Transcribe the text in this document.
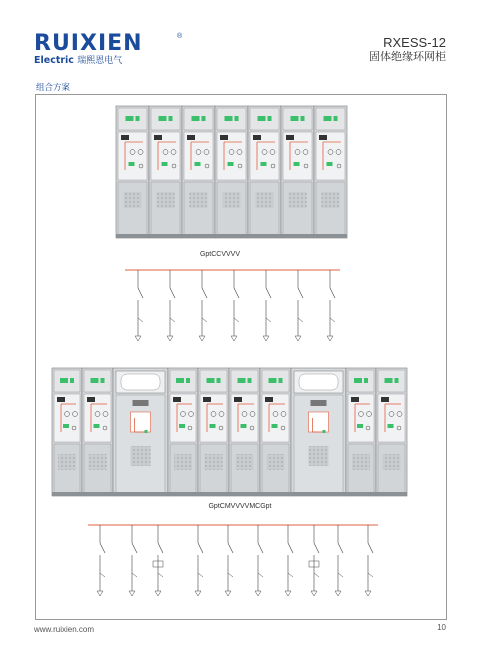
RUIXIEN	®
Electric 瑞熙恩电气
RXESS-12
固体绝缘环网柜
组合方案
GptCCVVVV
GptCMVVVVMCGpt
www.ruixien.com	10
